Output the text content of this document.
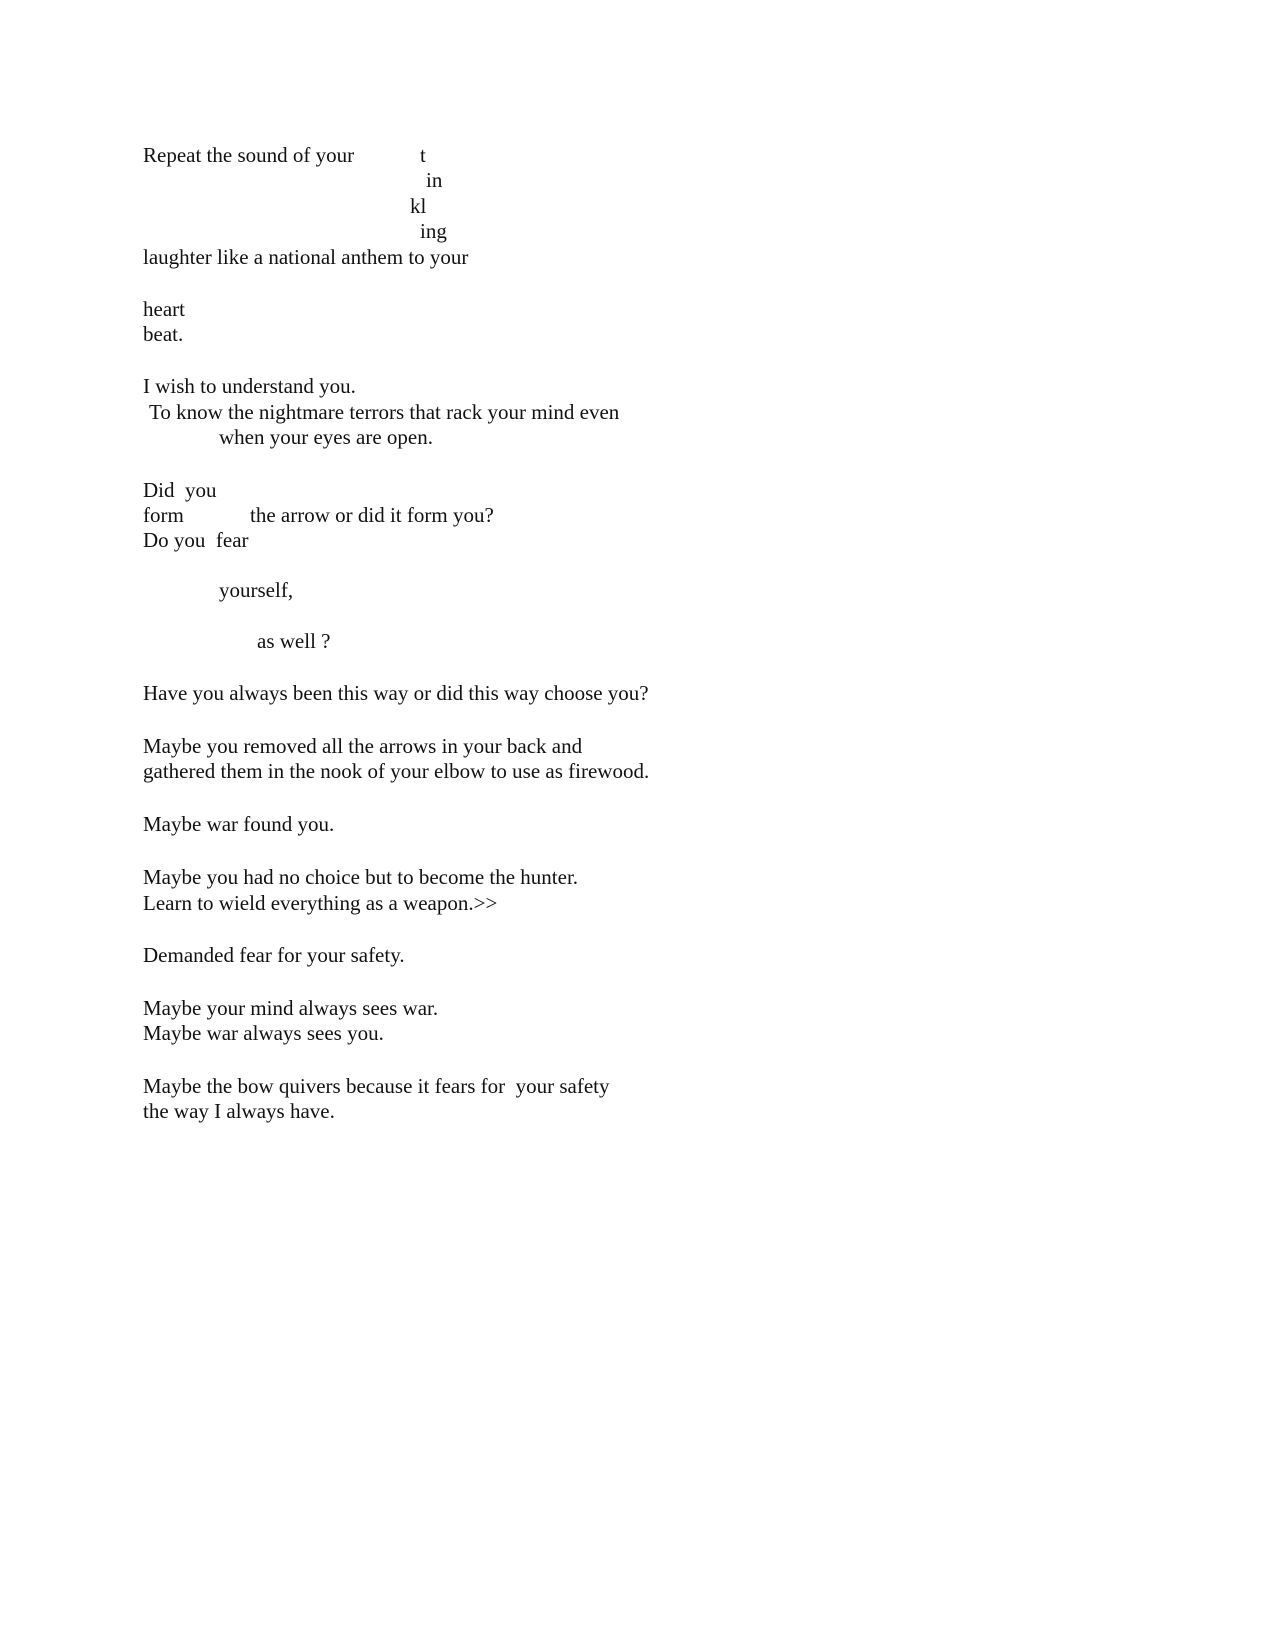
Repeat the sound of your	t
in
kl
ing
laughter like a national anthem to your
heart
beat.
I wish to understand you.
To know the nightmare terrors that rack your mind even
when your eyes are open.
Did  you
form	the arrow or did it form you?
Do you  fear
yourself,
as well ?
Have you always been this way or did this way choose you?
Maybe you removed all the arrows in your back and
gathered them in the nook of your elbow to use as firewood.
Maybe war found you.
Maybe you had no choice but to become the hunter.
Learn to wield everything as a weapon.>>
Demanded fear for your safety.
Maybe your mind always sees war.
Maybe war always sees you.
Maybe the bow quivers because it fears for  your safety
the way I always have.
